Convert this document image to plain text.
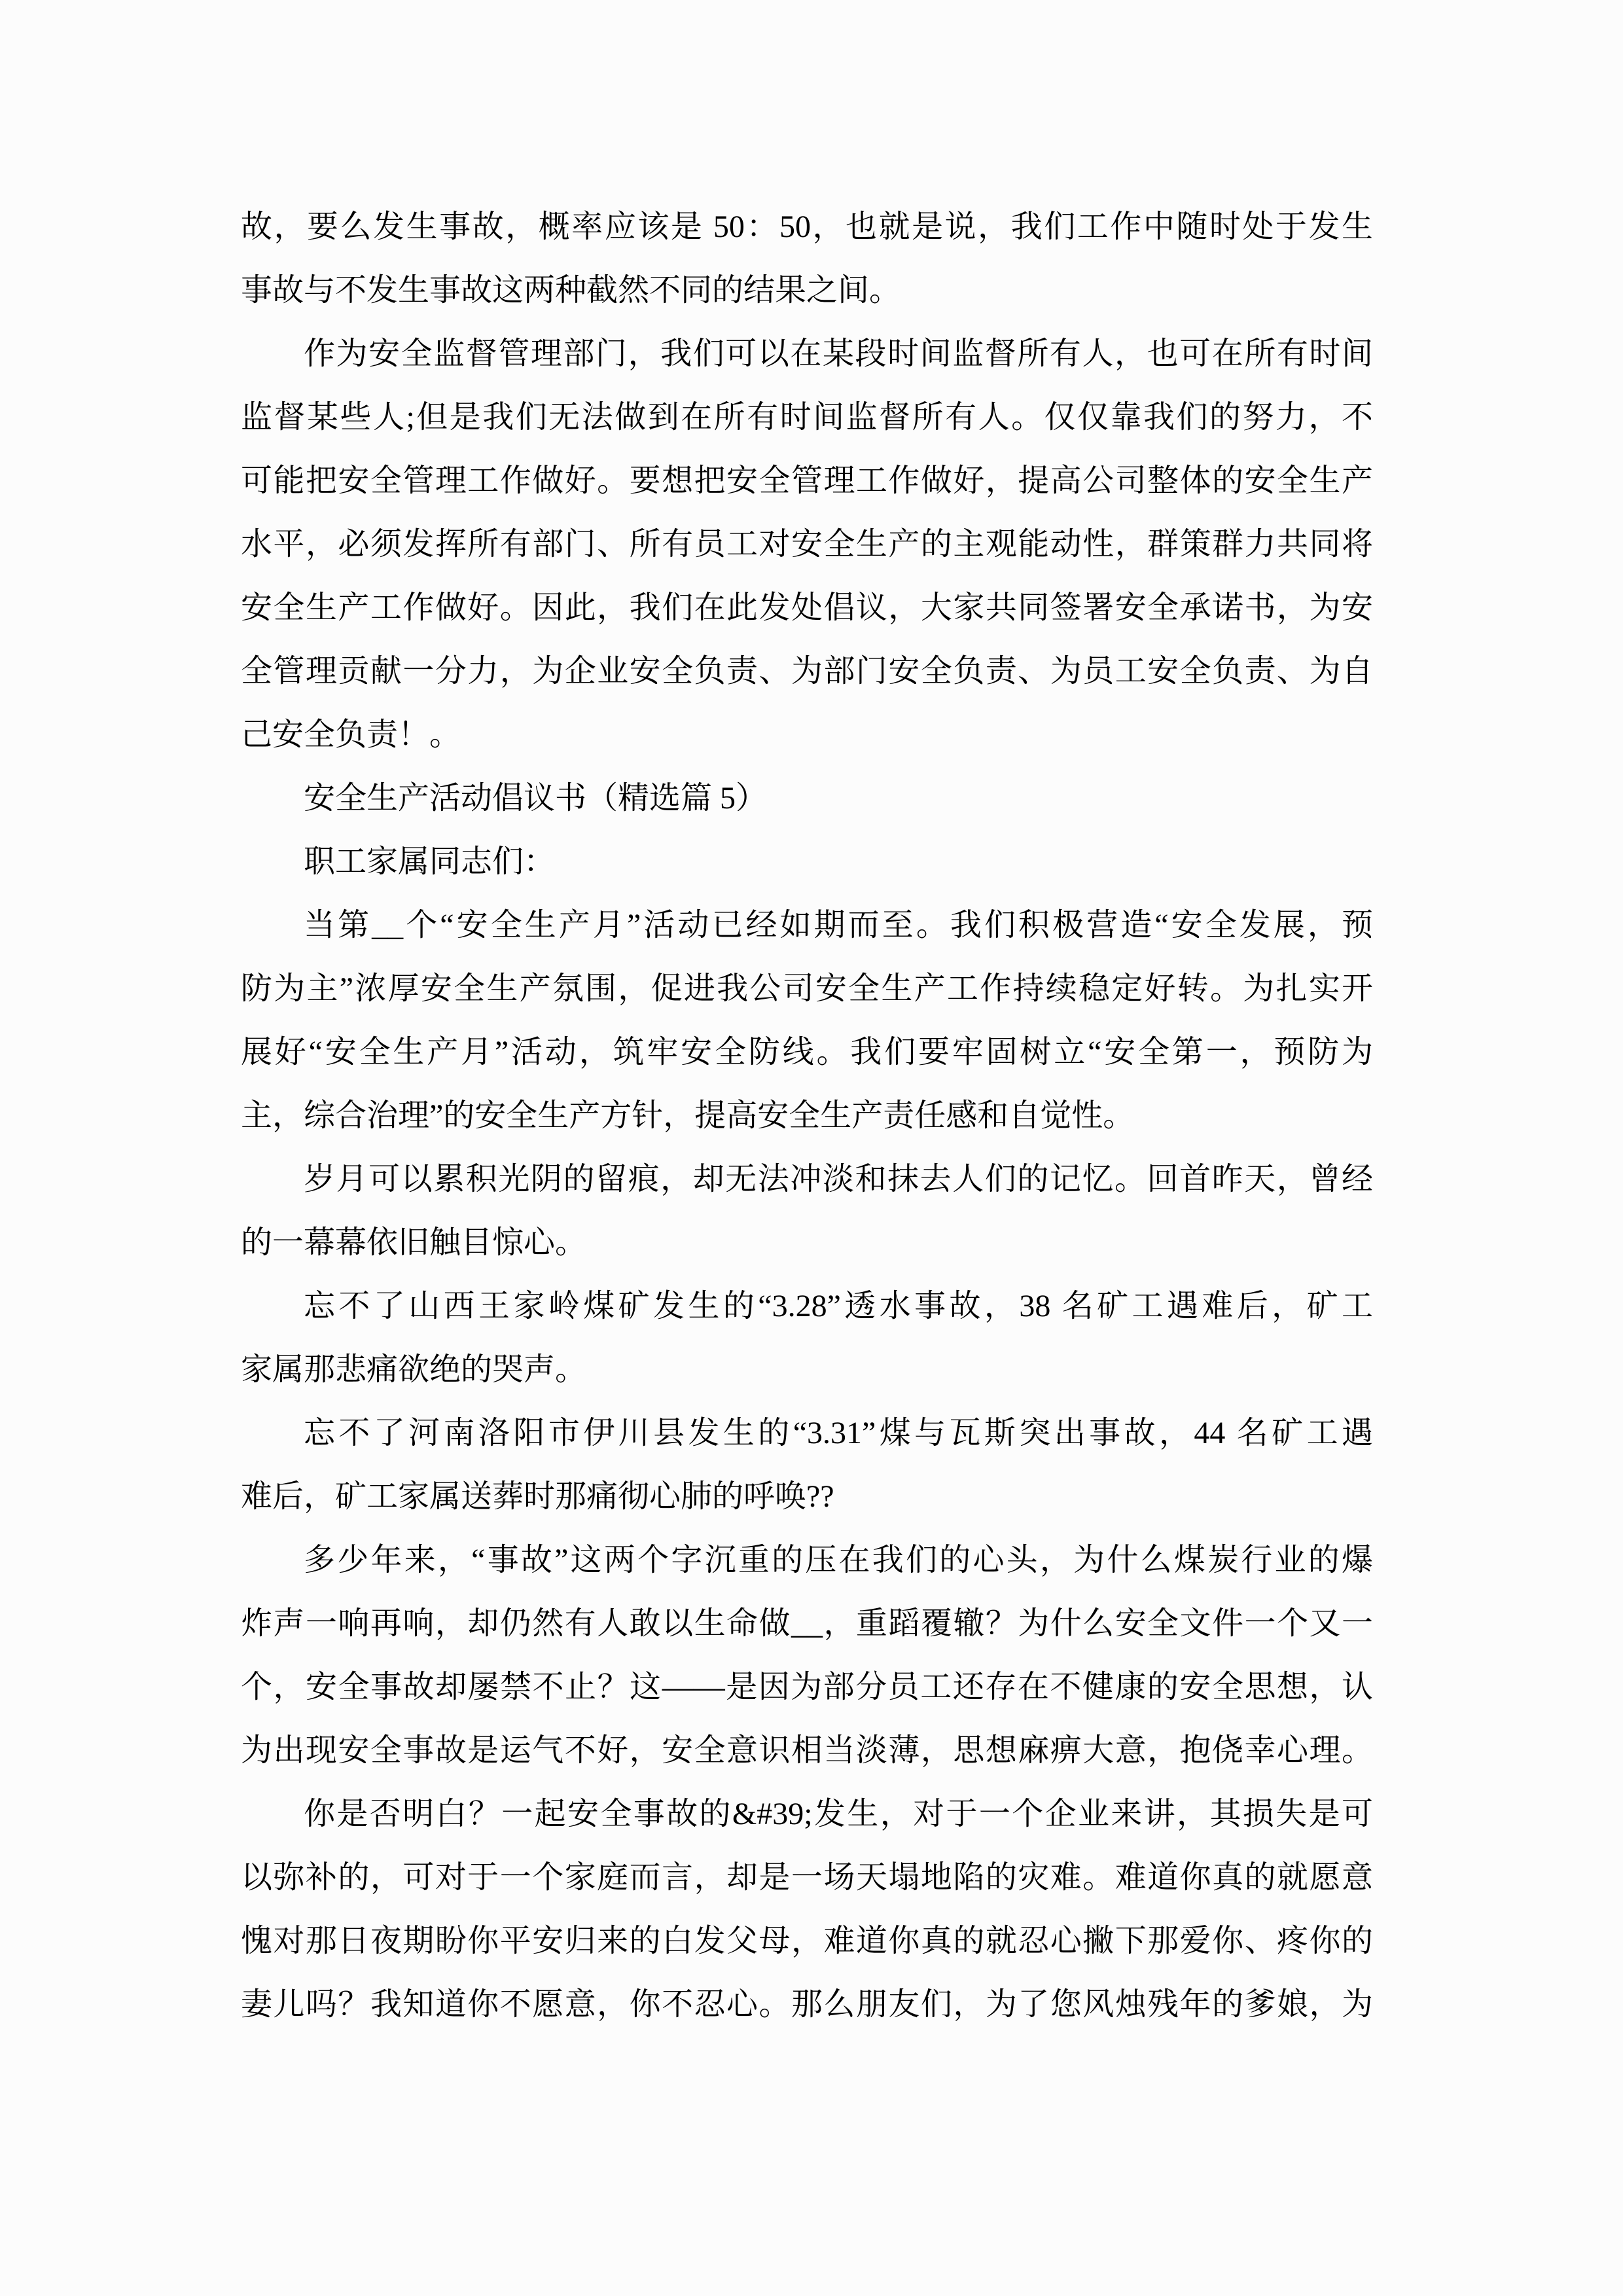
故，要么发生事故，概率应该是 50：50，也就是说，我们工作中随时处于发生
事故与不发生事故这两种截然不同的结果之间。
作为安全监督管理部门，我们可以在某段时间监督所有人，也可在所有时间
监督某些人;但是我们无法做到在所有时间监督所有人。仅仅靠我们的努力，不
可能把安全管理工作做好。要想把安全管理工作做好，提高公司整体的安全生产
水平，必须发挥所有部门、所有员工对安全生产的主观能动性，群策群力共同将
安全生产工作做好。因此，我们在此发处倡议，大家共同签署安全承诺书，为安
全管理贡献一分力，为企业安全负责、为部门安全负责、为员工安全负责、为自
己安全负责！。
安全生产活动倡议书（精选篇 5）
职工家属同志们：
当第__个“安全生产月”活动已经如期而至。我们积极营造“安全发展，预
防为主”浓厚安全生产氛围，促进我公司安全生产工作持续稳定好转。为扎实开
展好“安全生产月”活动，筑牢安全防线。我们要牢固树立“安全第一，预防为
主，综合治理”的安全生产方针，提高安全生产责任感和自觉性。
岁月可以累积光阴的留痕，却无法冲淡和抹去人们的记忆。回首昨天，曾经
的一幕幕依旧触目惊心。
忘不了山西王家岭煤矿发生的“3.28”透水事故，38 名矿工遇难后，矿工
家属那悲痛欲绝的哭声。
忘不了河南洛阳市伊川县发生的“3.31”煤与瓦斯突出事故，44 名矿工遇
难后，矿工家属送葬时那痛彻心肺的呼唤??
多少年来，“事故”这两个字沉重的压在我们的心头，为什么煤炭行业的爆
炸声一响再响，却仍然有人敢以生命做__，重蹈覆辙？为什么安全文件一个又一
个，安全事故却屡禁不止？这——是因为部分员工还存在不健康的安全思想，认
为出现安全事故是运气不好，安全意识相当淡薄，思想麻痹大意，抱侥幸心理。
你是否明白？一起安全事故的&#39;发生，对于一个企业来讲，其损失是可
以弥补的，可对于一个家庭而言，却是一场天塌地陷的灾难。难道你真的就愿意
愧对那日夜期盼你平安归来的白发父母，难道你真的就忍心撇下那爱你、疼你的
妻儿吗？我知道你不愿意，你不忍心。那么朋友们，为了您风烛残年的爹娘，为
